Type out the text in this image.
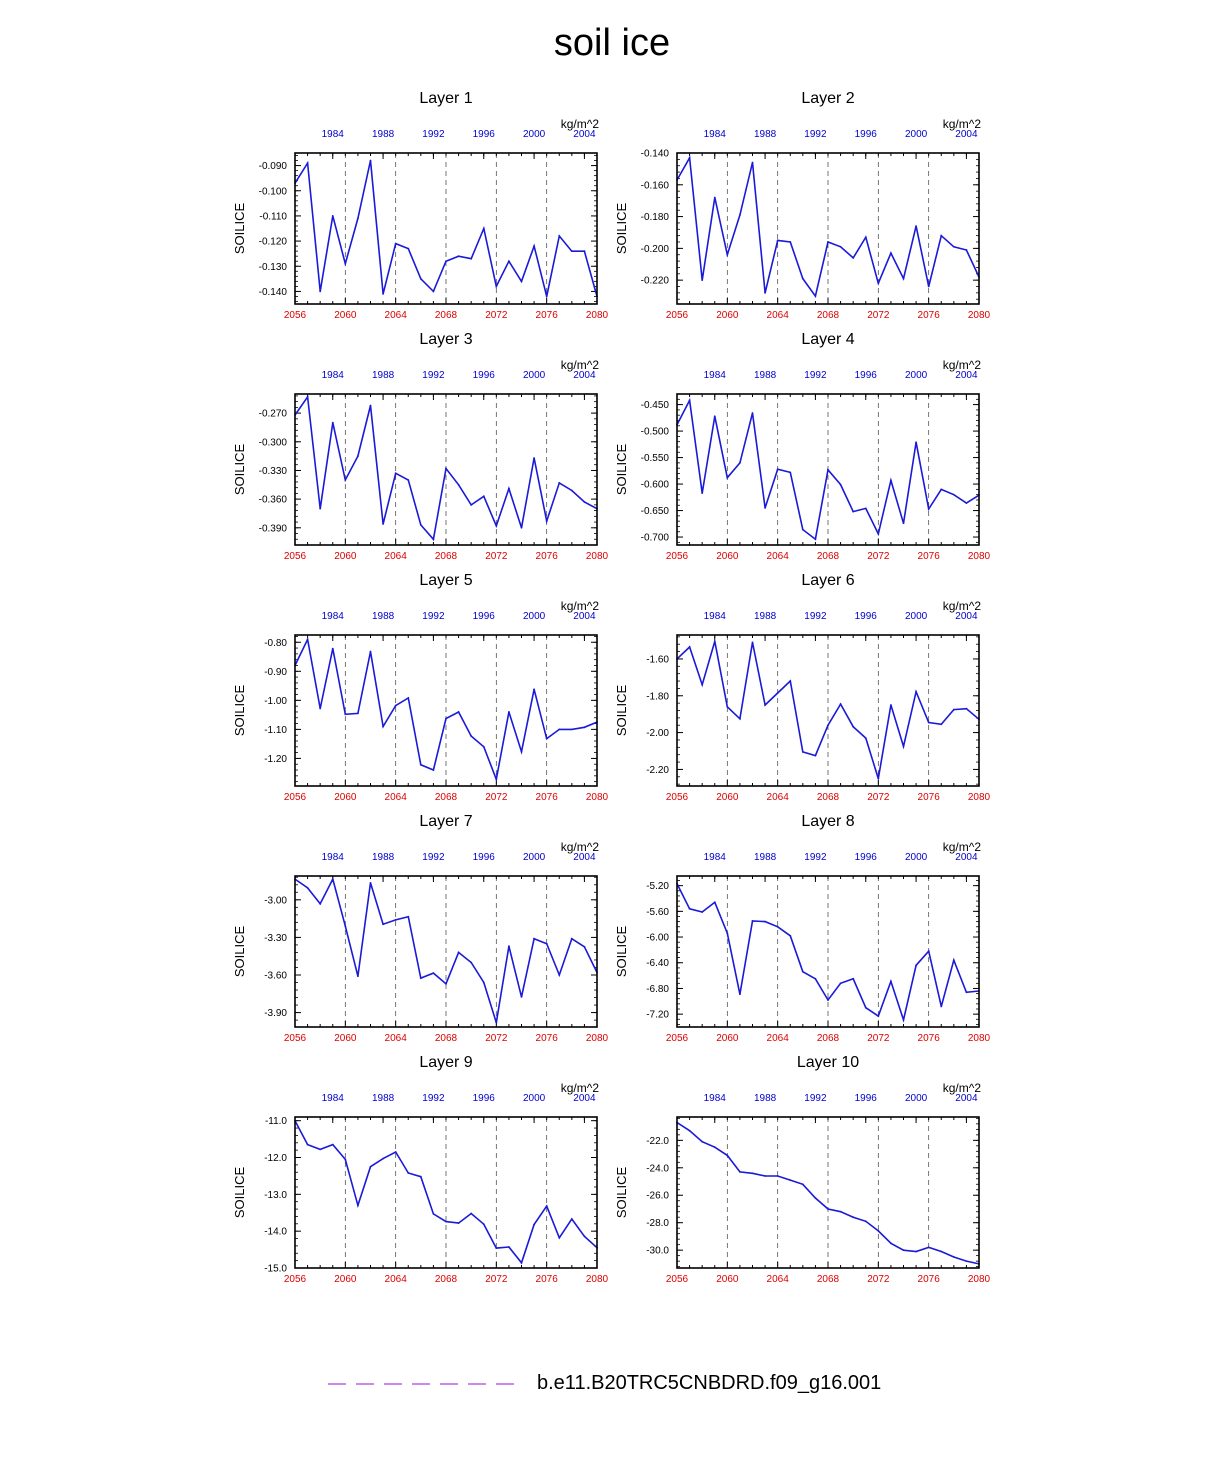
soil ice
Layer 1
kg/m^2
SOILICE
2056	2060	2064	2068	2072	2076	2080
1984	1988	1992	1996	2000	2004
-0.090
-0.100
-0.110
-0.120
-0.130
-0.140
Layer 2
kg/m^2
SOILICE
2056	2060	2064	2068	2072	2076	2080
1984	1988	1992	1996	2000	2004
-0.140
-0.160
-0.180
-0.200
-0.220
Layer 3
kg/m^2
SOILICE
2056	2060	2064	2068	2072	2076	2080
1984	1988	1992	1996	2000	2004
-0.270
-0.300
-0.330
-0.360
-0.390
Layer 4
kg/m^2
SOILICE
2056	2060	2064	2068	2072	2076	2080
1984	1988	1992	1996	2000	2004
-0.450
-0.500
-0.550
-0.600
-0.650
-0.700
Layer 5
kg/m^2
SOILICE
2056	2060	2064	2068	2072	2076	2080
1984	1988	1992	1996	2000	2004
-0.80
-0.90
-1.00
-1.10
-1.20
Layer 6
kg/m^2
SOILICE
2056	2060	2064	2068	2072	2076	2080
1984	1988	1992	1996	2000	2004
-1.60
-1.80
-2.00
-2.20
Layer 7
kg/m^2
SOILICE
2056	2060	2064	2068	2072	2076	2080
1984	1988	1992	1996	2000	2004
-3.00
-3.30
-3.60
-3.90
Layer 8
kg/m^2
SOILICE
2056	2060	2064	2068	2072	2076	2080
1984	1988	1992	1996	2000	2004
-5.20
-5.60
-6.00
-6.40
-6.80
-7.20
Layer 9
kg/m^2
SOILICE
2056	2060	2064	2068	2072	2076	2080
1984	1988	1992	1996	2000	2004
-11.0
-12.0
-13.0
-14.0
-15.0
Layer 10
kg/m^2
SOILICE
2056	2060	2064	2068	2072	2076	2080
1984	1988	1992	1996	2000	2004
-22.0
-24.0
-26.0
-28.0
-30.0
b.e11.B20TRC5CNBDRD.f09_g16.001
